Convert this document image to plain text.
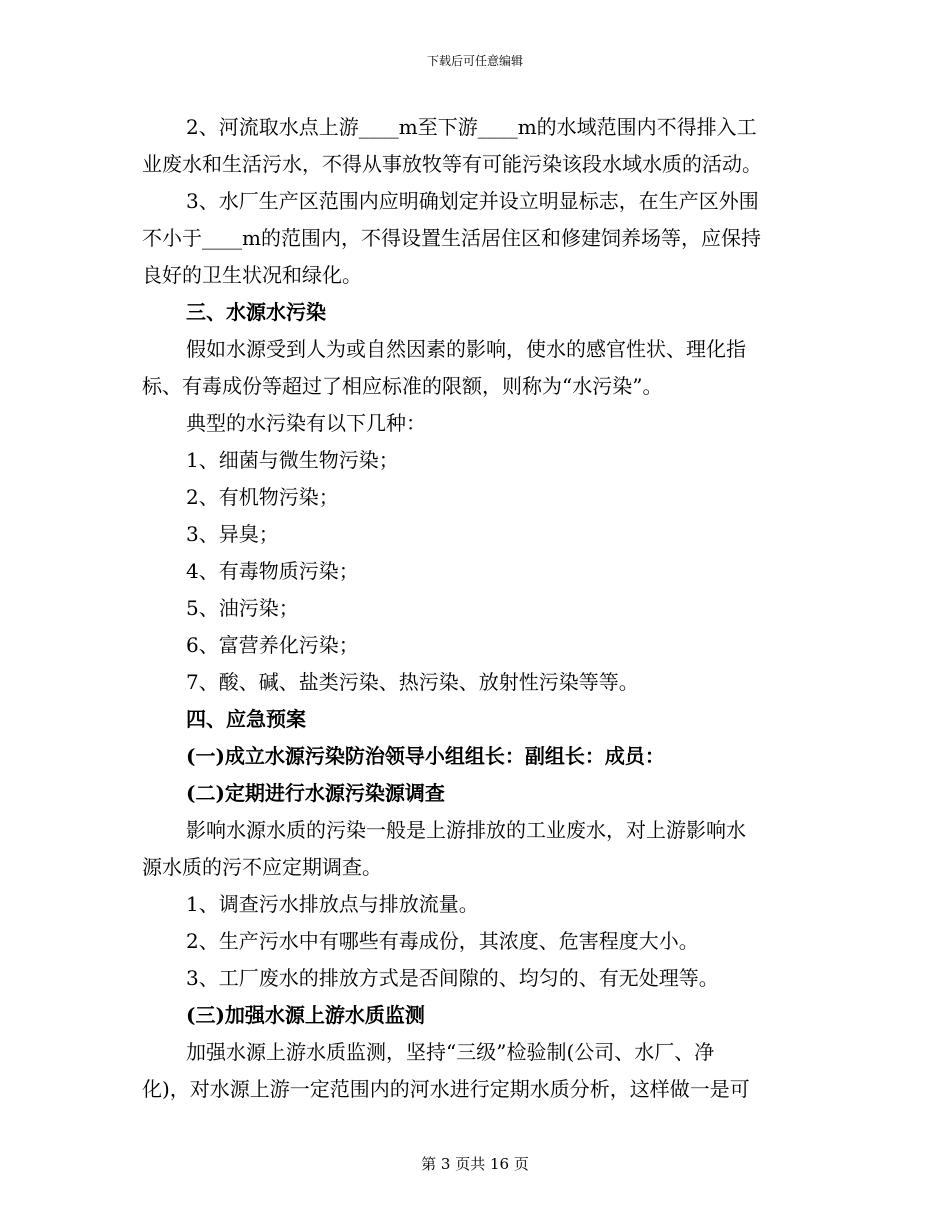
下载后可任意编辑

2、河流取水点上游____m至下游____m的水域范围内不得排入工

业废水和生活污水，不得从事放牧等有可能污染该段水域水质的活动。

3、水厂生产区范围内应明确划定并设立明显标志，在生产区外围

不小于____m的范围内，不得设置生活居住区和修建饲养场等，应保持

良好的卫生状况和绿化。

三、水源水污染

假如水源受到人为或自然因素的影响，使水的感官性状、理化指

标、有毒成份等超过了相应标准的限额，则称为“水污染”。

典型的水污染有以下几种：

1、细菌与微生物污染；

2、有机物污染；

3、异臭；

4、有毒物质污染；

5、油污染；

6、富营养化污染；

7、酸、碱、盐类污染、热污染、放射性污染等等。

四、应急预案

(一)成立水源污染防治领导小组组长：副组长：成员：

(二)定期进行水源污染源调查

影响水源水质的污染一般是上游排放的工业废水，对上游影响水

源水质的污不应定期调查。

1、调查污水排放点与排放流量。

2、生产污水中有哪些有毒成份，其浓度、危害程度大小。

3、工厂废水的排放方式是否间隙的、均匀的、有无处理等。

(三)加强水源上游水质监测

加强水源上游水质监测，坚持“三级”检验制(公司、水厂、净

化)，对水源上游一定范围内的河水进行定期水质分析，这样做一是可

第 3 页共 16 页
